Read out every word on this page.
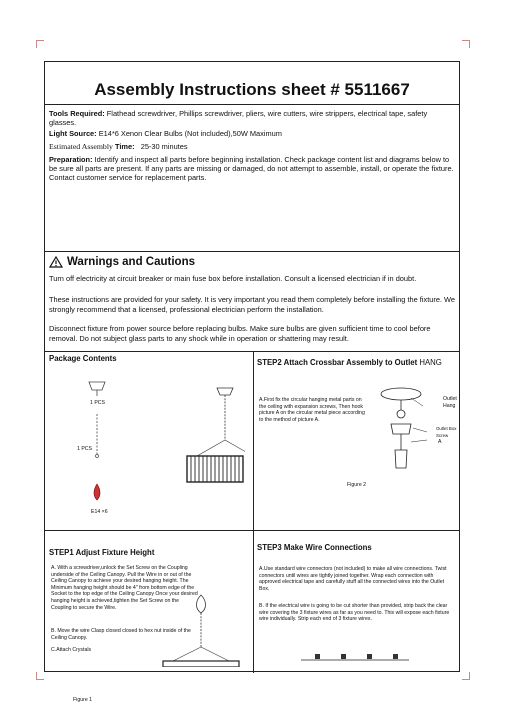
Assembly Instructions sheet # 5511667

Tools Required: Flathead screwdriver, Phillips screwdriver, pliers, wire cutters, wire strippers, electrical tape, safety glasses.

Light Source: E14*6 Xenon Clear Bulbs (Not included),50W Maximum

Estimated Assembly Time: 25-30 minutes

Preparation: Identify and inspect all parts before beginning installation. Check package content list and diagrams below to be sure all parts are present. If any parts are missing or damaged, do not attempt to assemble, install, or operate the fixture. Contact customer service for replacement parts.

Warnings and Cautions
Turn off electricity at circuit breaker or main fuse box before installation. Consult a licensed electrician if in doubt.
These instructions are provided for your safety. It is very important you read them completely before installing the fixture. We strongly recommend that a licensed, professional electrician perform the installation.
Disconnect fixture from power source before replacing bulbs. Make sure bulbs are given sufficient time to cool before removal. Do not subject glass parts to any shock while in operation or shattering may result.
Package Contents
1 PCS
1 PCS
E14 ×6
STEP2 Attach Crossbar Assembly to Outlet HANG
A.First fix the circular hanging metal parts on the ceiling with expansion screws, Then hook picture A on the circular metal piece according to the method of picture A.
Outlet
Hang
Outlet Box
Screw
A
Figure 2
STEP1 Adjust Fixture Height
A. With a screwdriver,unlock the Set Screw on the Coupling underside of the Ceiling Canopy. Pull the Wire in or out of the Ceiling Canopy to achieve your desired hanging height. The Minimum hanging height should be 4" from bottom edge of the Socket to the top edge of the Ceiling Canopy Once your desired hanging height is achieved,tighten the Set Screw on the Coupling to secure the Wire.
B. Move the wire Clasp closed closed to hex nut inside of the Ceiling Canopy.
C.Attach Crystals
Figure 1
STEP3 Make Wire Connections
A.Use standard wire connectors (not included) to make all wire connections. Twist connectors until wires are tightly joined together. Wrap each connection with approved electrical tape and carefully stuff all the connected wires into the Outlet Box.
B. If the electrical wire is going to be cut shorter than provided, strip back the clear wire covering the 3 fixture wires as far as you need to. This will expose each fixture wire individually. Strip each end of 3 fixture wires.
